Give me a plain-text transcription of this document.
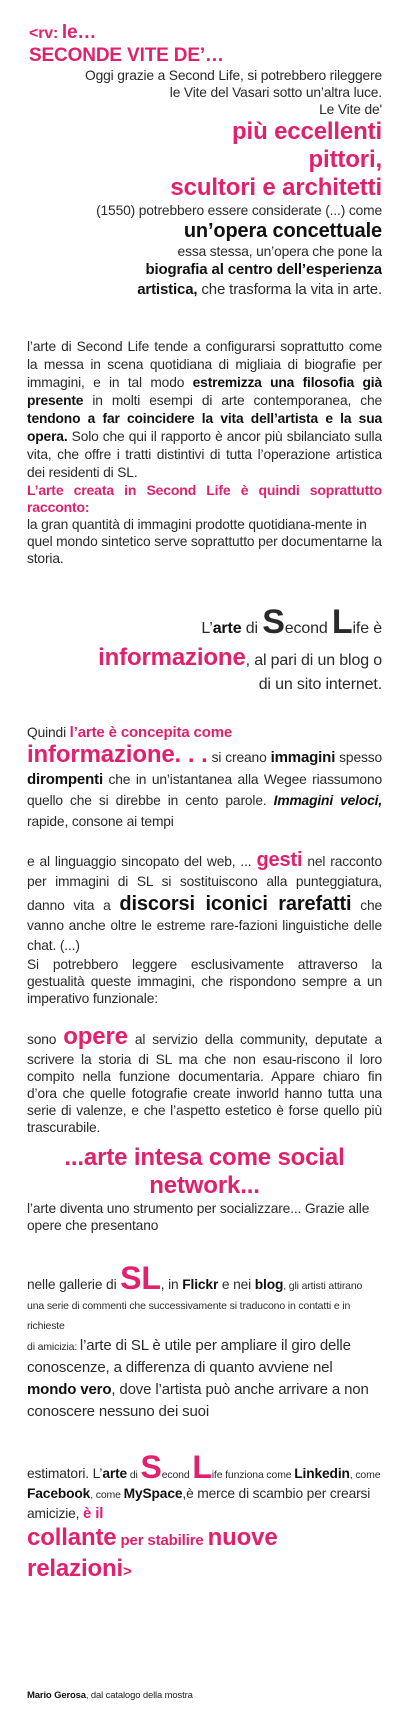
<rv: le…

SECONDE VITE DE’…

Oggi grazie a Second Life, si potrebbero rileggere

le Vite del Vasari sotto un’altra luce.

Le Vite de'

più eccellenti
pittori,
scultori e architetti

(1550) potrebbero essere considerate (...) come

un’opera concettuale

essa stessa, un’opera che pone la

biografia al centro dell’esperienza

artistica, che trasforma la vita in arte.

l’arte di Second Life tende a configurarsi soprattutto come la messa in scena quotidiana di migliaia di biografie per immagini, e in tal modo estremizza una filosofia già presente in molti esempi di arte contemporanea, che tendono a far coincidere la vita dell’artista e la sua opera. Solo che qui il rapporto è ancor più sbilanciato sulla vita, che offre i tratti distintivi di tutta l’operazione artistica dei residenti di SL.

L’arte creata in Second Life è quindi soprattutto racconto:

la gran quantità di immagini prodotte quotidiana-mente in quel mondo sintetico serve soprattutto per documentarne la storia.

L’arte di Second Life è

informazione, al pari di un blog o

di un sito internet.

Quindi l’arte è concepita come

informazione. . . si creano immagini spesso dirompenti che in un’istantanea alla Wegee riassumono quello che si direbbe in cento parole. Immagini veloci, rapide, consone ai tempi

e al linguaggio sincopato del web, ... gesti nel racconto per immagini di SL si sostituiscono alla punteggiatura, danno vita a discorsi iconici rarefatti che vanno anche oltre le estreme rare-fazioni linguistiche delle chat. (...)

Si potrebbero leggere esclusivamente attraverso la gestualità queste immagini, che rispondono sempre a un imperativo funzionale:

sono opere al servizio della community, deputate a scrivere la storia di SL ma che non esau-riscono il loro compito nella funzione documentaria. Appare chiaro fin d’ora che quelle fotografie create inworld hanno tutta una serie di valenze, e che l’aspetto estetico è forse quello più trascurabile.

...arte intesa come social network...

l’arte diventa uno strumento per socializzare... Grazie alle opere che presentano

nelle gallerie di SL, in Flickr e nei blog, gli artisti attirano una serie di commenti che successivamente si traducono in contatti e in richieste

di amicizia: l’arte di SL è utile per ampliare il giro delle conoscenze, a differenza di quanto avviene nel mondo vero, dove l’artista può anche arrivare a non conoscere nessuno dei suoi

estimatori. L’arte di Second Life funziona come Linkedin, come Facebook, come MySpace,è merce di scambio per crearsi amicizie, è il

collante per stabilire nuove
relazioni>

Mario Gerosa, dal catalogo della mostra
